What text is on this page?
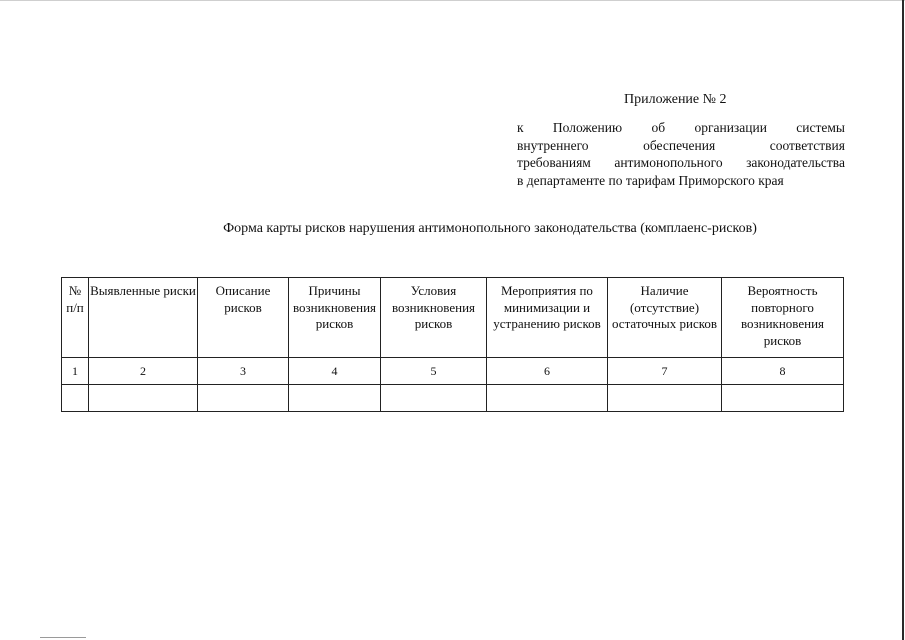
Приложение № 2
к Положению об организации системы
внутреннего обеспечения соответствия
требованиям антимонопольного законодательства
в департаменте по тарифам Приморского края
Форма карты рисков нарушения антимонопольного законодательства (комплаенс-рисков)
№ п/п	Выявленные риски	Описание рисков	Причины возникновения рисков	Условия возникновения рисков	Мероприятия по минимизации и устранению рисков	Наличие (отсутствие) остаточных рисков	Вероятность повторного возникновения рисков
1	2	3	4	5	6	7	8
